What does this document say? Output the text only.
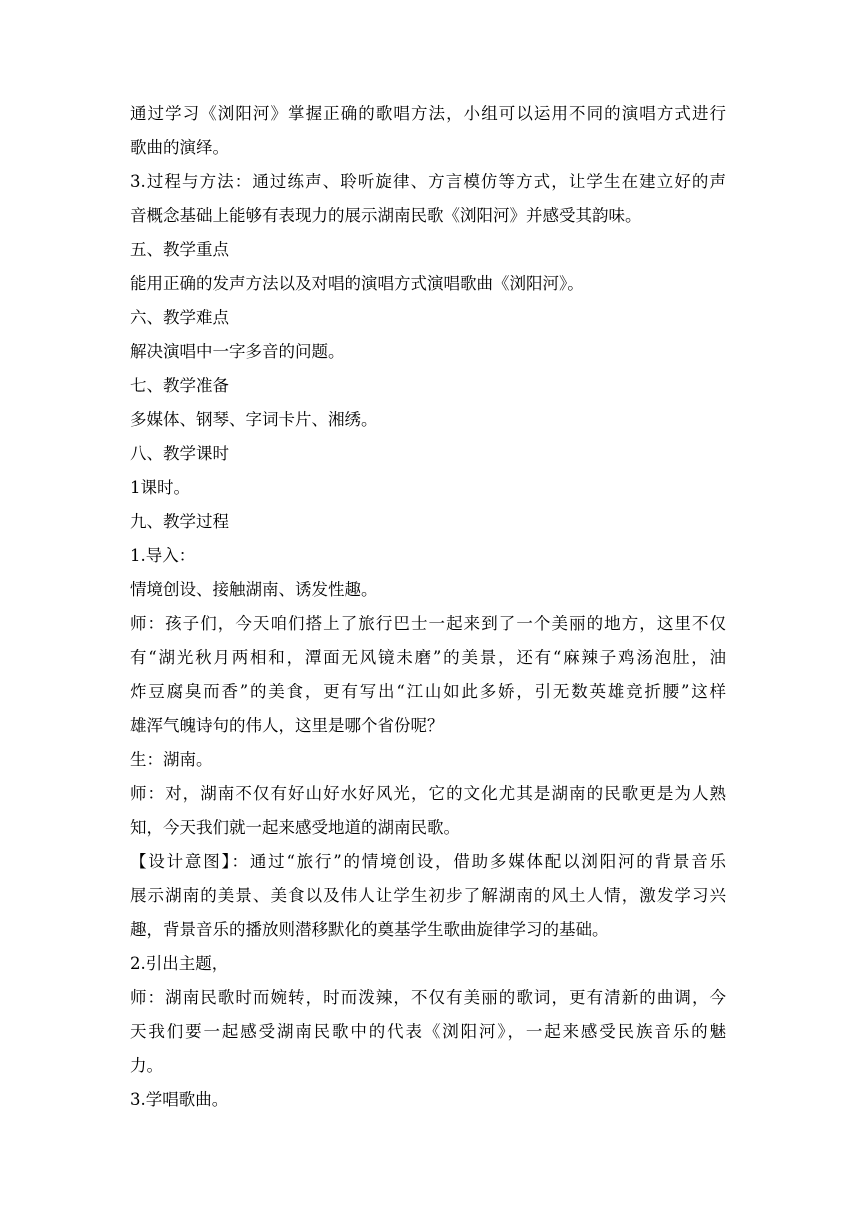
通过学习《浏阳河》掌握正确的歌唱方法，小组可以运用不同的演唱方式进行
歌曲的演绎。
3.过程与方法：通过练声、聆听旋律、方言模仿等方式，让学生在建立好的声
音概念基础上能够有表现力的展示湖南民歌《浏阳河》并感受其韵味。
五、教学重点
能用正确的发声方法以及对唱的演唱方式演唱歌曲《浏阳河》。
六、教学难点
解决演唱中一字多音的问题。
七、教学准备
多媒体、钢琴、字词卡片、湘绣。
八、教学课时
1课时。
九、教学过程
1.导入：
情境创设、接触湖南、诱发性趣。
师：孩子们，今天咱们搭上了旅行巴士一起来到了一个美丽的地方，这里不仅
有“湖光秋月两相和，潭面无风镜未磨”的美景，还有“麻辣子鸡汤泡肚，油
炸豆腐臭而香”的美食，更有写出“江山如此多娇，引无数英雄竞折腰”这样
雄浑气魄诗句的伟人，这里是哪个省份呢？
生：湖南。
师：对，湖南不仅有好山好水好风光，它的文化尤其是湖南的民歌更是为人熟
知，今天我们就一起来感受地道的湖南民歌。
【设计意图】：通过“旅行”的情境创设，借助多媒体配以浏阳河的背景音乐
展示湖南的美景、美食以及伟人让学生初步了解湖南的风土人情，激发学习兴
趣，背景音乐的播放则潜移默化的奠基学生歌曲旋律学习的基础。
2.引出主题，
师：湖南民歌时而婉转，时而泼辣，不仅有美丽的歌词，更有清新的曲调，今
天我们要一起感受湖南民歌中的代表《浏阳河》，一起来感受民族音乐的魅
力。
3.学唱歌曲。
